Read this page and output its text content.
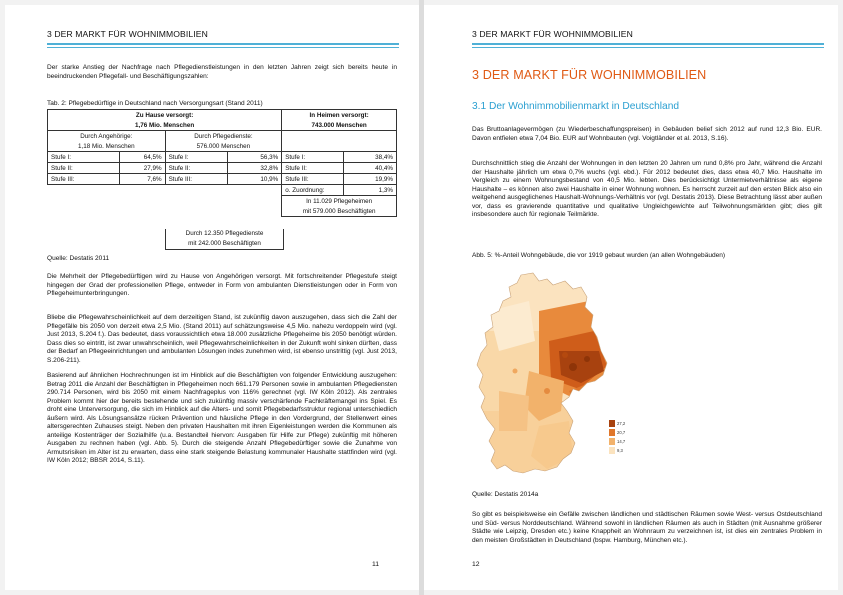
3 DER MARKT FÜR WOHNIMMOBILIEN

Der starke Anstieg der Nachfrage nach Pflegedienstleistungen in den letzten Jahren zeigt sich bereits heute in beeindruckenden Pflegefall- und Beschäftigungszahlen:

Tab. 2: Pflegebedürftige in Deutschland nach Versorgungsart (Stand 2011)
Zu Hause versorgt:				In Heimen versorgt:	
1,76 Mio. Menschen				743.000 Menschen	
Durch Angehörige:		Durch Pflegedienste:			
1,18 Mio. Menschen		576.000 Menschen			
Stufe I:	64,5%	Stufe I:	56,3%	Stufe I:	38,4%
Stufe II:	27,9%	Stufe II:	32,8%	Stufe II:	40,4%
Stufe III:	7,6%	Stufe III:	10,9%	Stufe III:	19,9%
				o. Zuordnung:	1,3%
				In 11.029 Pflegeheimen	
				mit 579.000 Beschäftigten	
Durch 12.350 Pflegedienste
mit 242.000 Beschäftigten
Quelle: Destatis 2011

Die Mehrheit der Pflegebedürftigen wird zu Hause von Angehörigen versorgt. Mit fortschreitender Pflegestufe steigt hingegen der Grad der professionellen Pflege, entweder in Form von ambulanten Dienstleistungen oder in Form von Pflegeheimunterbringungen.

Bliebe die Pflegewahrscheinlichkeit auf dem derzeitigen Stand, ist zukünftig davon auszugehen, dass sich die Zahl der Pflegefälle bis 2050 von derzeit etwa 2,5 Mio. (Stand 2011) auf schätzungsweise 4,5 Mio. nahezu verdoppeln wird (vgl. Just 2013, S.204 f.). Das bedeutet, dass voraussichtlich etwa 18.000 zusätzliche Pflegeheime bis 2050 benötigt würden. Dass dies so eintritt, ist zwar unwahrscheinlich, weil Pflegewahrscheinlichkeiten in der Zukunft wohl sinken dürften, dass der Bedarf an Pflegeeinrichtungen und ambulanten Lösungen indes zunehmen wird, ist ebenso unstrittig (vgl. Just 2013, S.206-211).

Basierend auf ähnlichen Hochrechnungen ist im Hinblick auf die Beschäftigten von folgender Entwicklung auszugehen: Betrag 2011 die Anzahl der Beschäftigten in Pflegeheimen noch 661.179 Personen sowie in ambulanten Pflegediensten 290.714 Personen, wird bis 2050 mit einem Nachfrageplus von 116% gerechnet (vgl. IW Köln 2012). Als zentrales Problem kommt hier der bereits bestehende und sich zukünftig massiv verschärfende Fachkräftemangel ins Spiel. Es droht eine Unterversorgung, die sich im Hinblick auf die Alters- und somit Pflegebedarfsstruktur regional unterschiedlich äußern wird. Als Lösungsansätze rücken Prävention und häusliche Pflege in den Vordergrund, der Stellenwert eines altersgerechten Zuhauses steigt. Neben den privaten Haushalten mit ihren Eigenleistungen werden die Kommunen als anteilige Kostenträger der Sozialhilfe (u.a. Bestandteil hiervon: Ausgaben für Hilfe zur Pflege) zukünftig mit höheren Ausgaben zu rechnen haben (vgl. Abb. 5). Durch die steigende Anzahl Pflegebedürftiger sowie die Zunahme von Armutsrisiken im Alter ist zu erwarten, dass eine stark steigende Belastung kommunaler Haushalte stattfinden wird (vgl. IW Köln 2012; BBSR 2014, S.11).

11
3 DER MARKT FÜR WOHNIMMOBILIEN
3 DER MARKT FÜR WOHNIMMOBILIEN
3.1 Der Wohnimmobilienmarkt in Deutschland

Das Bruttoanlagevermögen (zu Wiederbeschaffungspreisen) in Gebäuden belief sich 2012 auf rund 12,3 Bio. EUR. Davon entfielen etwa 7,04 Bio. EUR auf Wohnbauten (vgl. Voigtländer et al. 2013, S.16).

Durchschnittlich stieg die Anzahl der Wohnungen in den letzten 20 Jahren um rund 0,8% pro Jahr, während die Anzahl der Haushalte jährlich um etwa 0,7% wuchs (vgl. ebd.). Für 2012 bedeutet dies, dass etwa 40,7 Mio. Haushalte im Vergleich zu einem Wohnungsbestand von 40,5 Mio. lebten. Dies berücksichtigt Untermietverhältnisse als eigene Haushalte – es können also zwei Haushalte in einer Wohnung wohnen. Es herrscht zurzeit auf den ersten Blick also ein weitgehend ausgeglichenes Haushalt-Wohnungs-Verhältnis vor (vgl. Destatis 2013). Diese Betrachtung lässt aber außen vor, dass es gravierende quantitative und qualitative Ungleichgewichte auf Teilwohnungsmärkten gibt; dies gilt insbesondere auch für regionale Teilmärkte.

Abb. 5: %-Anteil Wohngebäude, die vor 1919 gebaut wurden (an allen Wohngebäuden)
27,2
20,7
14,7
9,3
Quelle: Destatis 2014a

So gibt es beispielsweise ein Gefälle zwischen ländlichen und städtischen Räumen sowie West- versus Ostdeutschland und Süd- versus Norddeutschland. Während sowohl in ländlichen Räumen als auch in Städten (mit Ausnahme größerer Städte wie Leipzig, Dresden etc.) keine Knappheit an Wohnraum zu verzeichnen ist, ist dies ein zentrales Problem in den meisten Großstädten in Deutschland (bspw. Hamburg, München etc.).

12
